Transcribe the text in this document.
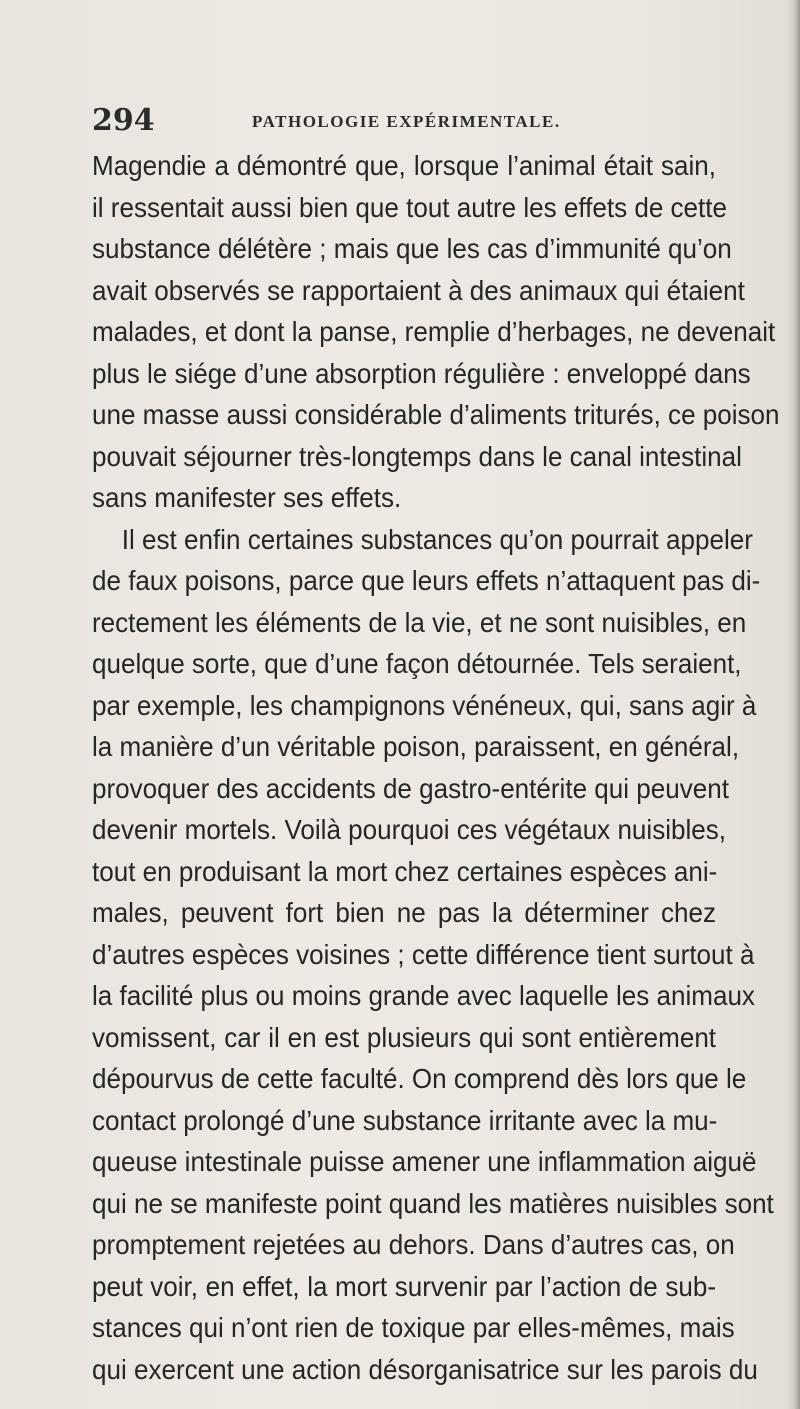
294	PATHOLOGIE EXPÉRIMENTALE.
Magendie a démontré que, lorsque l’animal était sain,
il ressentait aussi bien que tout autre les effets de cette
substance délétère ; mais que les cas d’immunité qu’on
avait observés se rapportaient à des animaux qui étaient
malades, et dont la panse, remplie d’herbages, ne devenait
plus le siége d’une absorption régulière : enveloppé dans
une masse aussi considérable d’aliments triturés, ce poison
pouvait séjourner très-longtemps dans le canal intestinal
sans manifester ses effets.
Il est enfin certaines substances qu’on pourrait appeler
de faux poisons, parce que leurs effets n’attaquent pas di-
rectement les éléments de la vie, et ne sont nuisibles, en
quelque sorte, que d’une façon détournée. Tels seraient,
par exemple, les champignons vénéneux, qui, sans agir à
la manière d’un véritable poison, paraissent, en général,
provoquer des accidents de gastro-entérite qui peuvent
devenir mortels. Voilà pourquoi ces végétaux nuisibles,
tout en produisant la mort chez certaines espèces ani-
males, peuvent fort bien ne pas la déterminer chez
d’autres espèces voisines ; cette différence tient surtout à
la facilité plus ou moins grande avec laquelle les animaux
vomissent, car il en est plusieurs qui sont entièrement
dépourvus de cette faculté. On comprend dès lors que le
contact prolongé d’une substance irritante avec la mu-
queuse intestinale puisse amener une inflammation aiguë
qui ne se manifeste point quand les matières nuisibles sont
promptement rejetées au dehors. Dans d’autres cas, on
peut voir, en effet, la mort survenir par l’action de sub-
stances qui n’ont rien de toxique par elles-mêmes, mais
qui exercent une action désorganisatrice sur les parois du
